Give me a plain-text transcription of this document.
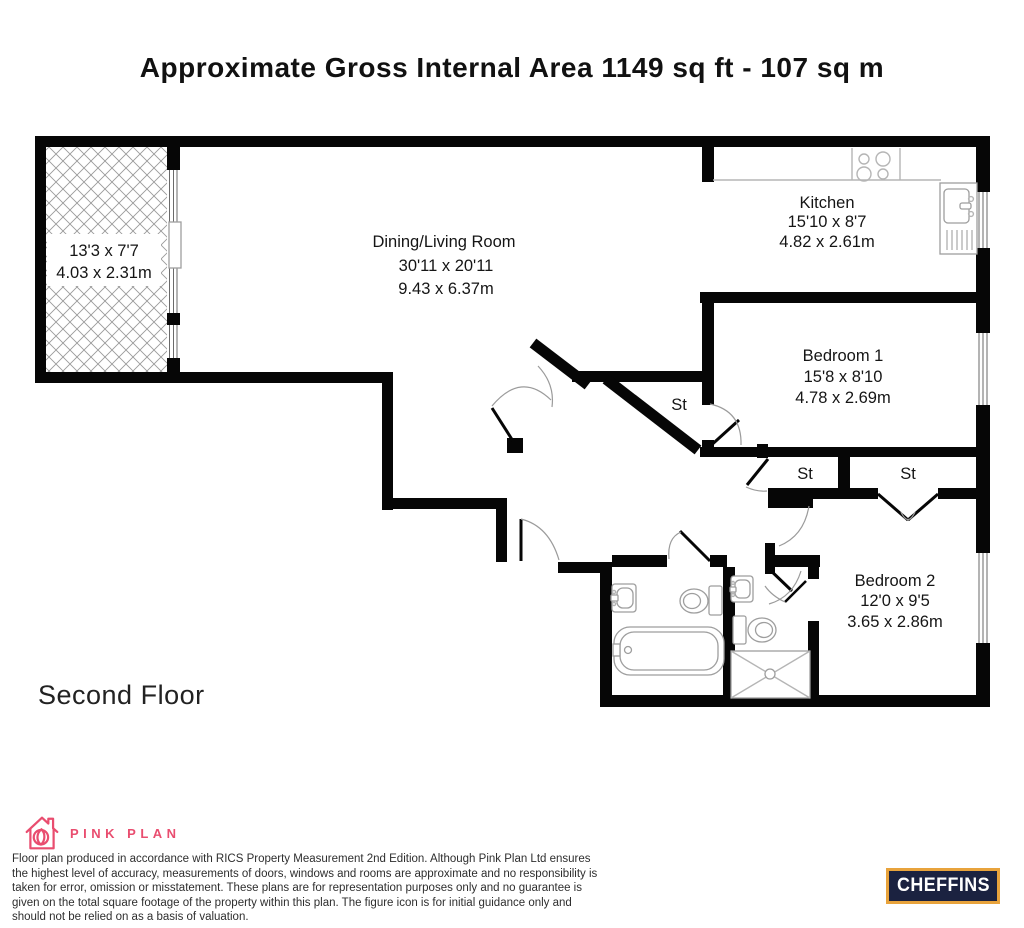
Approximate Gross Internal Area 1149 sq ft - 107 sq m
13'3 x 7'7
4.03 x 2.31m
Dining/Living Room
30'11 x 20'11
9.43 x 6.37m
Kitchen
15'10 x 8'7
4.82 x 2.61m
Bedroom 1
15'8 x 8'10
4.78 x 2.69m
Bedroom 2
12'0 x 9'5
3.65 x 2.86m
St
St	St
Second Floor
PINK PLAN
Floor plan produced in accordance with RICS Property Measurement 2nd Edition. Although Pink Plan Ltd ensures the highest level of accuracy, measurements of doors, windows and rooms are approximate and no responsibility is taken for error, omission or misstatement. These plans are for representation purposes only and no guarantee is given on the total square footage of the property within this plan. The figure icon is for initial guidance only and should not be relied on as a basis of valuation.
CHEFFINS
